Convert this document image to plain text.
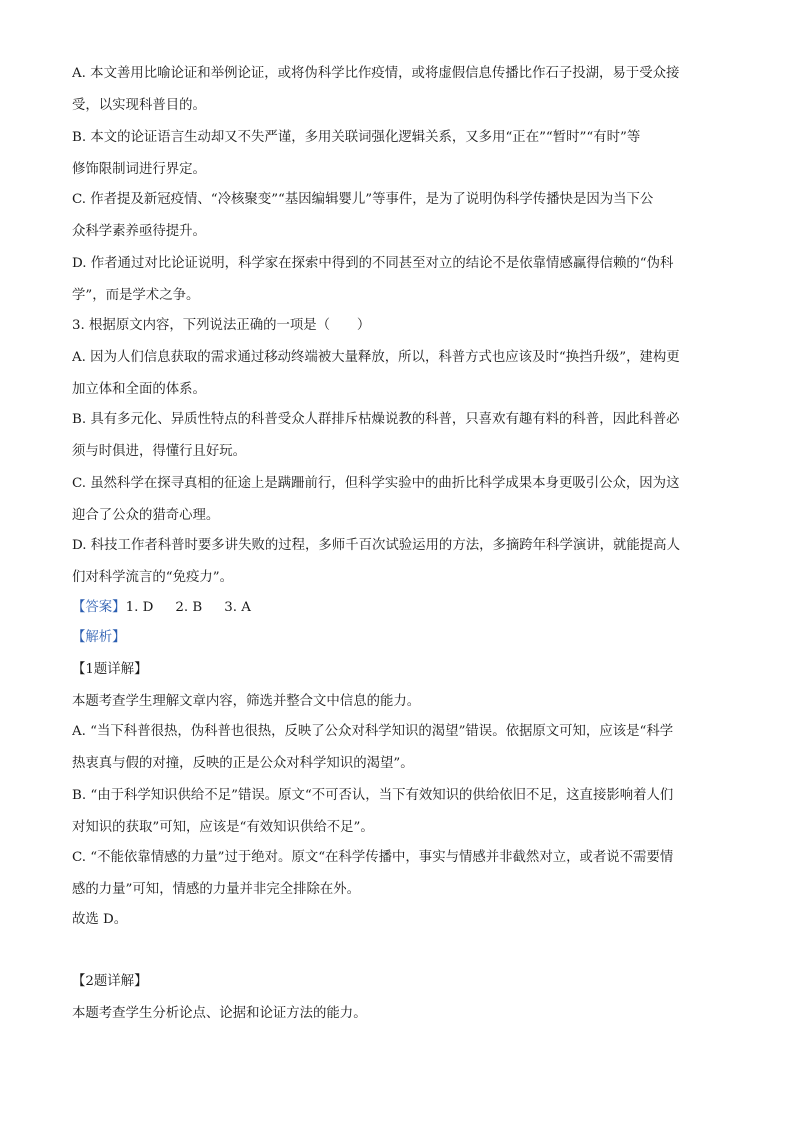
A. 本文善用比喻论证和举例论证，或将伪科学比作疫情，或将虚假信息传播比作石子投湖，易于受众接
受，以实现科普目的。
B. 本文的论证语言生动却又不失严谨，多用关联词强化逻辑关系，又多用“正在”“暂时”“有时”等
修饰限制词进行界定。
C. 作者提及新冠疫情、“冷核聚变”“基因编辑婴儿”等事件，是为了说明伪科学传播快是因为当下公
众科学素养亟待提升。
D. 作者通过对比论证说明，科学家在探索中得到的不同甚至对立的结论不是依靠情感赢得信赖的“伪科
学”，而是学术之争。
3. 根据原文内容，下列说法正确的一项是（　　）
A. 因为人们信息获取的需求通过移动终端被大量释放，所以，科普方式也应该及时“换挡升级”，建构更
加立体和全面的体系。
B. 具有多元化、异质性特点的科普受众人群排斥枯燥说教的科普，只喜欢有趣有料的科普，因此科普必
须与时俱进，得懂行且好玩。
C. 虽然科学在探寻真相的征途上是蹒跚前行，但科学实验中的曲折比科学成果本身更吸引公众，因为这
迎合了公众的猎奇心理。
D. 科技工作者科普时要多讲失败的过程，多师千百次试验运用的方法，多摘跨年科学演讲，就能提高人
们对科学流言的“免疫力”。
【答案】1. D 2. B 3. A
【解析】
【1题详解】
本题考查学生理解文章内容，筛选并整合文中信息的能力。
A. “当下科普很热，伪科普也很热，反映了公众对科学知识的渴望”错误。依据原文可知，应该是“科学
热衷真与假的对撞，反映的正是公众对科学知识的渴望”。
B. “由于科学知识供给不足”错误。原文“不可否认，当下有效知识的供给依旧不足，这直接影响着人们
对知识的获取”可知，应该是“有效知识供给不足”。
C. “不能依靠情感的力量”过于绝对。原文“在科学传播中，事实与情感并非截然对立，或者说不需要情
感的力量”可知，情感的力量并非完全排除在外。
故选 D。
【2题详解】
本题考查学生分析论点、论据和论证方法的能力。
